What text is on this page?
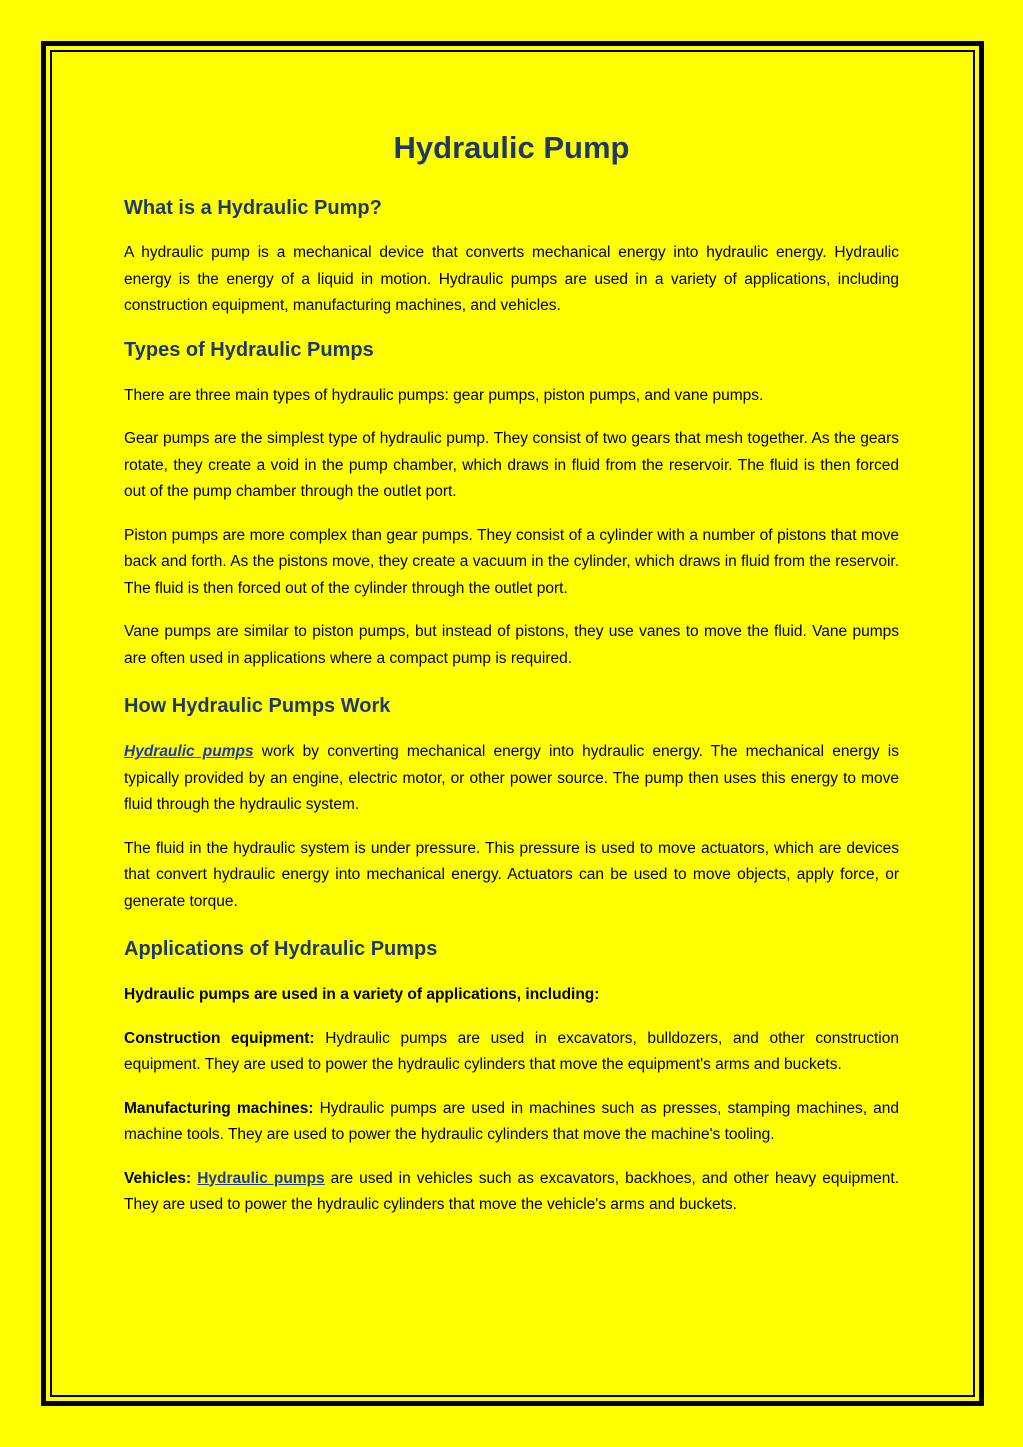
Hydraulic Pump
What is a Hydraulic Pump?

A hydraulic pump is a mechanical device that converts mechanical energy into hydraulic energy. Hydraulic energy is the energy of a liquid in motion. Hydraulic pumps are used in a variety of applications, including construction equipment, manufacturing machines, and vehicles.

Types of Hydraulic Pumps

There are three main types of hydraulic pumps: gear pumps, piston pumps, and vane pumps.

Gear pumps are the simplest type of hydraulic pump. They consist of two gears that mesh together. As the gears rotate, they create a void in the pump chamber, which draws in fluid from the reservoir. The fluid is then forced out of the pump chamber through the outlet port.

Piston pumps are more complex than gear pumps. They consist of a cylinder with a number of pistons that move back and forth. As the pistons move, they create a vacuum in the cylinder, which draws in fluid from the reservoir. The fluid is then forced out of the cylinder through the outlet port.

Vane pumps are similar to piston pumps, but instead of pistons, they use vanes to move the fluid. Vane pumps are often used in applications where a compact pump is required.

How Hydraulic Pumps Work

Hydraulic pumps work by converting mechanical energy into hydraulic energy. The mechanical energy is typically provided by an engine, electric motor, or other power source. The pump then uses this energy to move fluid through the hydraulic system.

The fluid in the hydraulic system is under pressure. This pressure is used to move actuators, which are devices that convert hydraulic energy into mechanical energy. Actuators can be used to move objects, apply force, or generate torque.

Applications of Hydraulic Pumps

Hydraulic pumps are used in a variety of applications, including:

Construction equipment: Hydraulic pumps are used in excavators, bulldozers, and other construction equipment. They are used to power the hydraulic cylinders that move the equipment's arms and buckets.

Manufacturing machines: Hydraulic pumps are used in machines such as presses, stamping machines, and machine tools. They are used to power the hydraulic cylinders that move the machine's tooling.

Vehicles: Hydraulic pumps are used in vehicles such as excavators, backhoes, and other heavy equipment. They are used to power the hydraulic cylinders that move the vehicle's arms and buckets.
